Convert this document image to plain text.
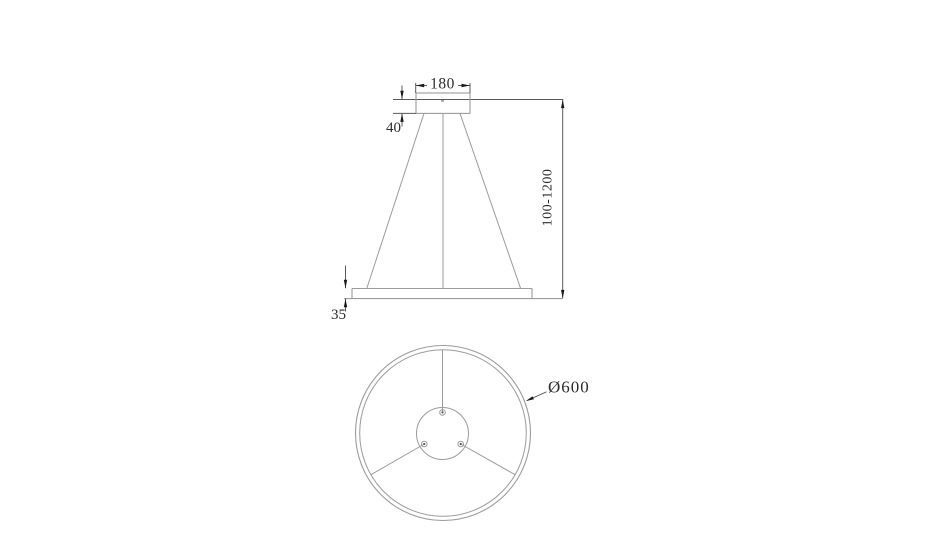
180
40
35
100-1200
Ø600
